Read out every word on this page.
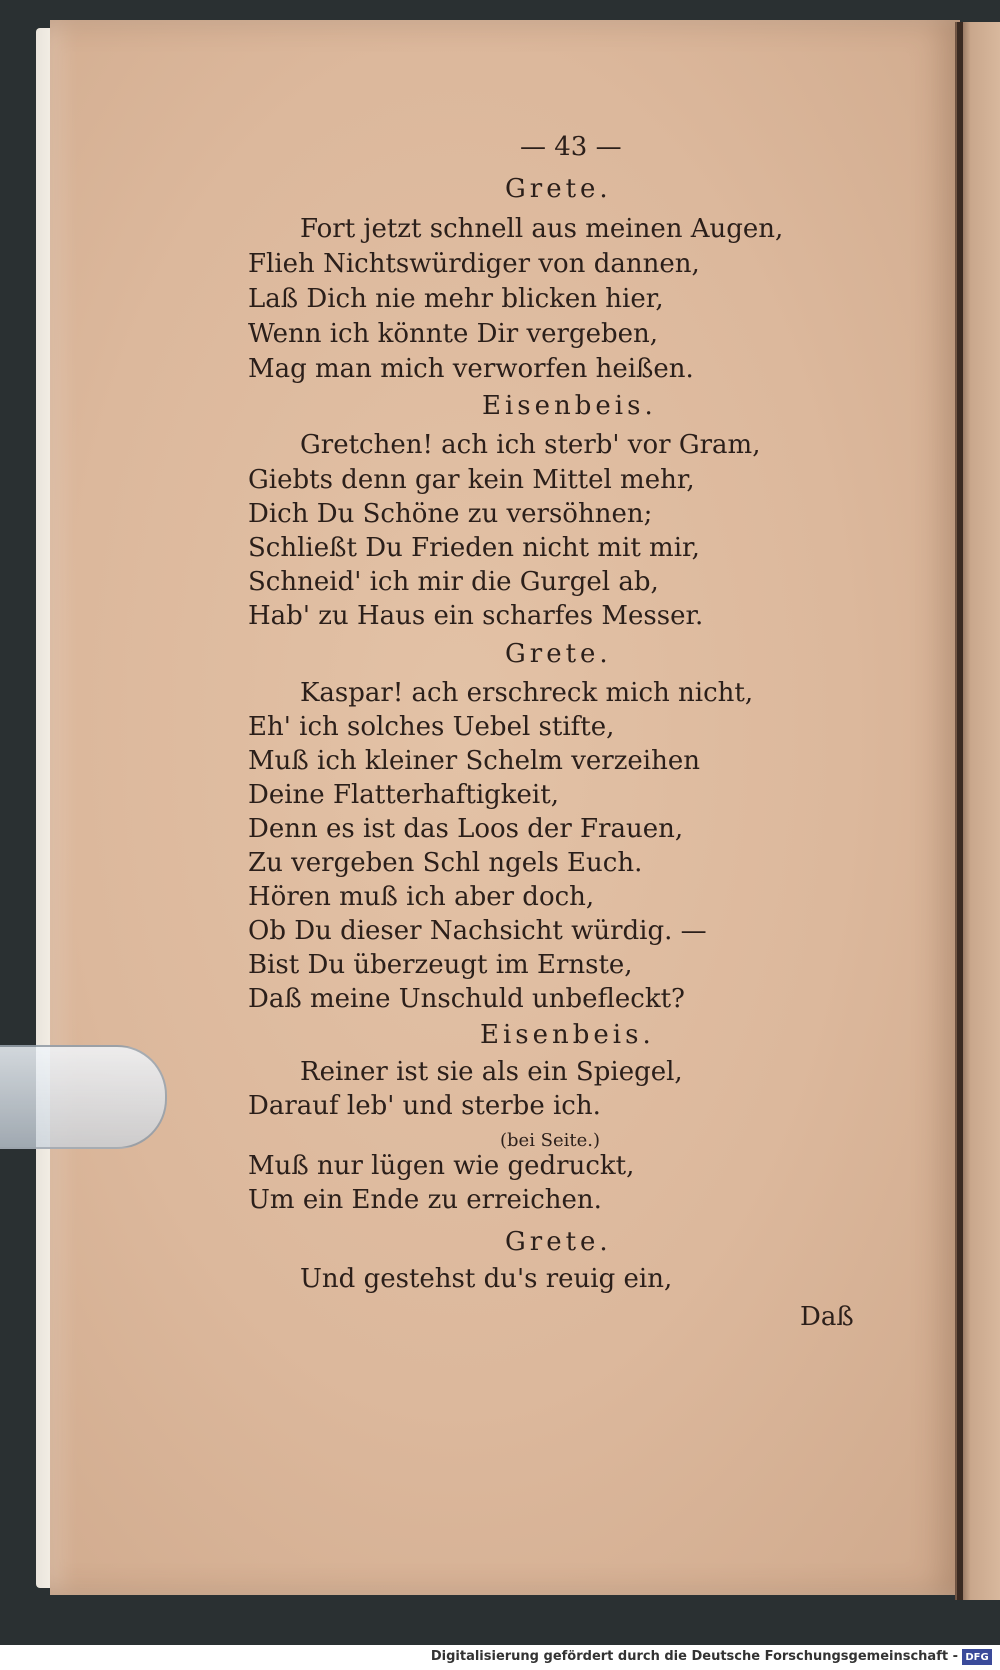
— 43 —
Grete.
Fort jetzt schnell aus meinen Augen,
Flieh Nichtswürdiger von dannen,
Laß Dich nie mehr blicken hier,
Wenn ich könnte Dir vergeben,
Mag man mich verworfen heißen.
Eisenbeis.
Gretchen! ach ich sterb' vor Gram,
Giebts denn gar kein Mittel mehr,
Dich Du Schöne zu versöhnen;
Schließt Du Frieden nicht mit mir,
Schneid' ich mir die Gurgel ab,
Hab' zu Haus ein scharfes Messer.
Grete.
Kaspar! ach erschreck mich nicht,
Eh' ich solches Uebel stifte,
Muß ich kleiner Schelm verzeihen
Deine Flatterhaftigkeit,
Denn es ist das Loos der Frauen,
Zu vergeben Schl ngels Euch.
Hören muß ich aber doch,
Ob Du dieser Nachsicht würdig. —
Bist Du überzeugt im Ernste,
Daß meine Unschuld unbefleckt?
Eisenbeis.
Reiner ist sie als ein Spiegel,
Darauf leb' und sterbe ich.
(bei Seite.)
Muß nur lügen wie gedruckt,
Um ein Ende zu erreichen.
Grete.
Und gestehst du's reuig ein,
Daß
Digitalisierung gefördert durch die Deutsche Forschungsgemeinschaft - DFG
